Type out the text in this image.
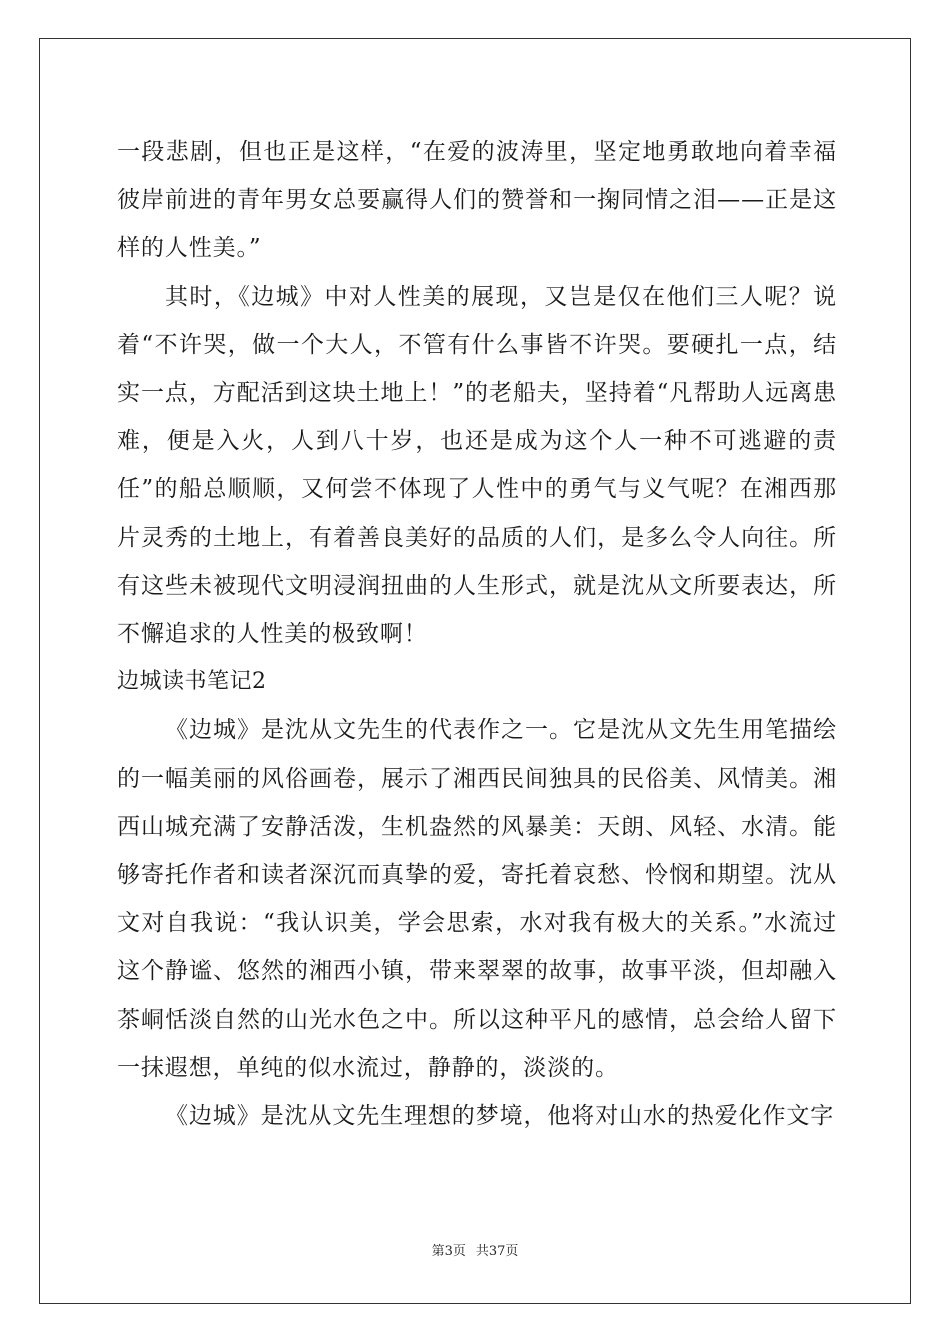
一段悲剧，但也正是这样，“在爱的波涛里，坚定地勇敢地向着幸福彼岸前进的青年男女总要赢得人们的赞誉和一掬同情之泪——正是这样的人性美。”

其时，《边城》中对人性美的展现，又岂是仅在他们三人呢？说着“不许哭，做一个大人，不管有什么事皆不许哭。要硬扎一点，结实一点，方配活到这块土地上！”的老船夫，坚持着“凡帮助人远离患难，便是入火，人到八十岁，也还是成为这个人一种不可逃避的责任”的船总顺顺，又何尝不体现了人性中的勇气与义气呢？在湘西那片灵秀的土地上，有着善良美好的品质的人们，是多么令人向往。所有这些未被现代文明浸润扭曲的人生形式，就是沈从文所要表达，所不懈追求的人性美的极致啊！

边城读书笔记2

《边城》是沈从文先生的代表作之一。它是沈从文先生用笔描绘的一幅美丽的风俗画卷，展示了湘西民间独具的民俗美、风情美。湘西山城充满了安静活泼，生机盎然的风暴美：天朗、风轻、水清。能够寄托作者和读者深沉而真挚的爱，寄托着哀愁、怜悯和期望。沈从文对自我说：“我认识美，学会思索，水对我有极大的关系。”水流过这个静谧、悠然的湘西小镇，带来翠翠的故事，故事平淡，但却融入茶峒恬淡自然的山光水色之中。所以这种平凡的感情，总会给人留下一抹遐想，单纯的似水流过，静静的，淡淡的。

《边城》是沈从文先生理想的梦境，他将对山水的热爱化作文字

第3页 共37页
